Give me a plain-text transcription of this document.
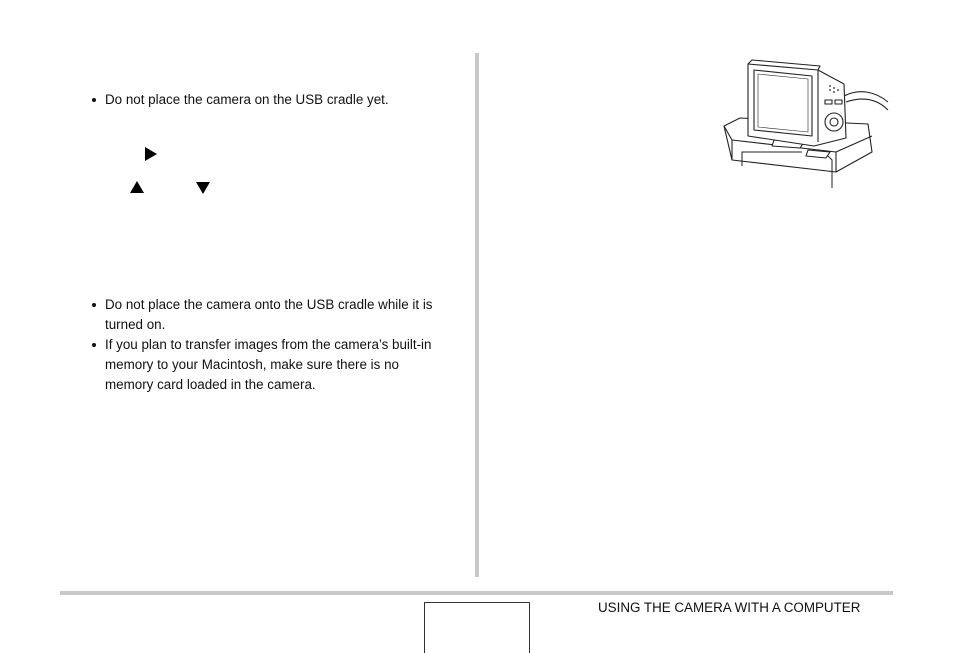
Do not place the camera on the USB cradle yet.
Do not place the camera onto the USB cradle while it is turned on.
If you plan to transfer images from the camera’s built-in memory to your Macintosh, make sure there is no memory card loaded in the camera.
USING THE CAMERA WITH A COMPUTER
